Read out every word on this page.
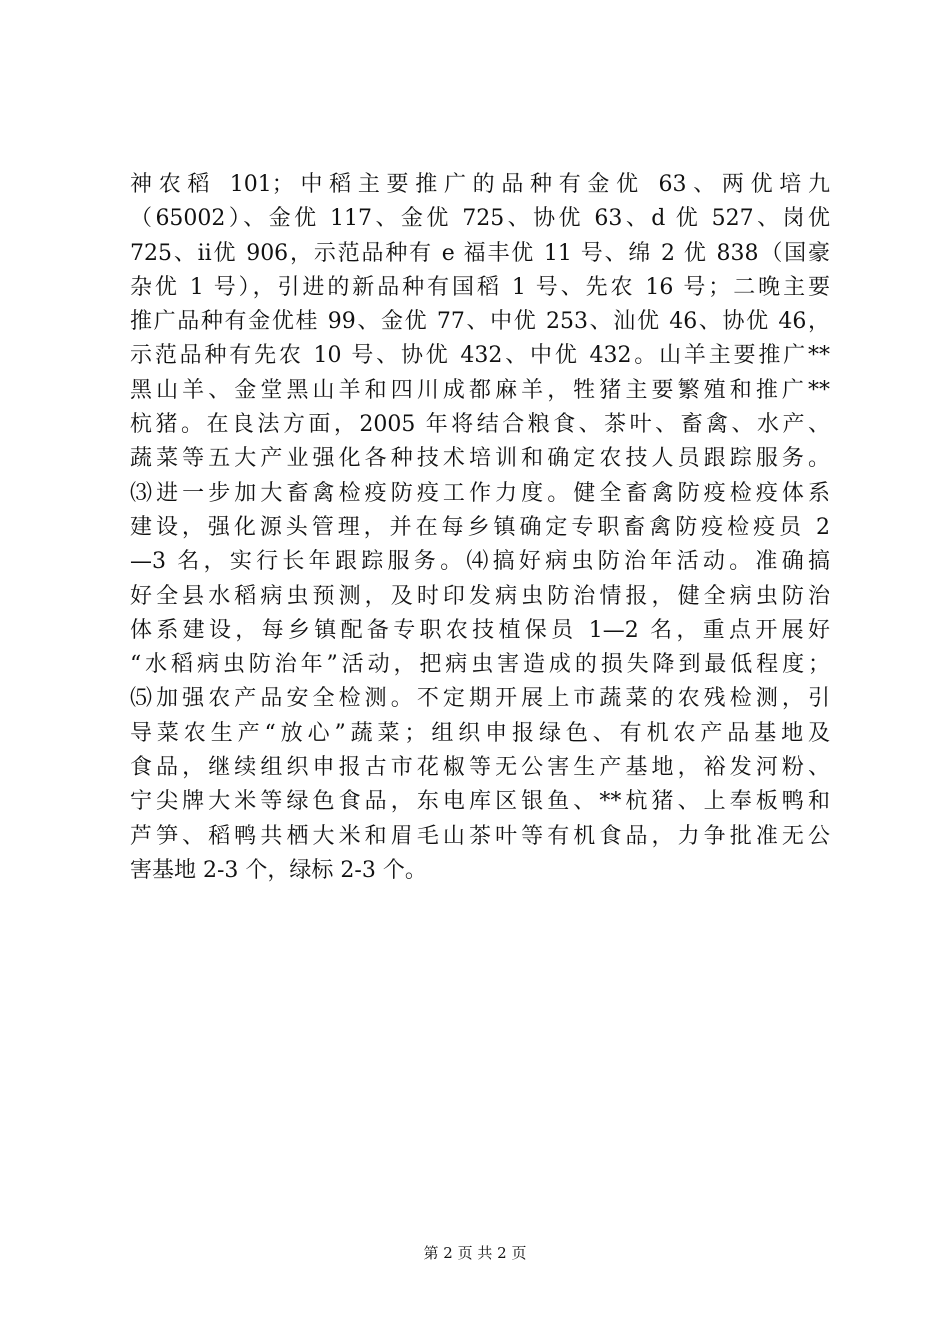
神农稻 101；中稻主要推广的品种有金优 63、两优培九
（65002）、金优 117、金优 725、协优 63、d 优 527、岗优
725、ⅱ优 906，示范品种有 e 福丰优 11 号、绵 2 优 838（国豪
杂优 1 号），引进的新品种有国稻 1 号、先农 16 号；二晚主要
推广品种有金优桂 99、金优 77、中优 253、汕优 46、协优 46，
示范品种有先农 10 号、协优 432、中优 432。山羊主要推广**
黑山羊、金堂黑山羊和四川成都麻羊，牲猪主要繁殖和推广**
杭猪。在良法方面，2005 年将结合粮食、茶叶、畜禽、水产、
蔬菜等五大产业强化各种技术培训和确定农技人员跟踪服务。
⑶进一步加大畜禽检疫防疫工作力度。健全畜禽防疫检疫体系
建设，强化源头管理，并在每乡镇确定专职畜禽防疫检疫员 2
—3 名，实行长年跟踪服务。⑷搞好病虫防治年活动。准确搞
好全县水稻病虫预测，及时印发病虫防治情报，健全病虫防治
体系建设，每乡镇配备专职农技植保员 1—2 名，重点开展好
“水稻病虫防治年”活动，把病虫害造成的损失降到最低程度；
⑸加强农产品安全检测。不定期开展上市蔬菜的农残检测，引
导菜农生产“放心”蔬菜；组织申报绿色、有机农产品基地及
食品，继续组织申报古市花椒等无公害生产基地，裕发河粉、
宁尖牌大米等绿色食品，东电库区银鱼、**杭猪、上奉板鸭和
芦笋、稻鸭共栖大米和眉毛山茶叶等有机食品，力争批准无公
害基地 2-3 个，绿标 2-3 个。
第 2 页 共 2 页
